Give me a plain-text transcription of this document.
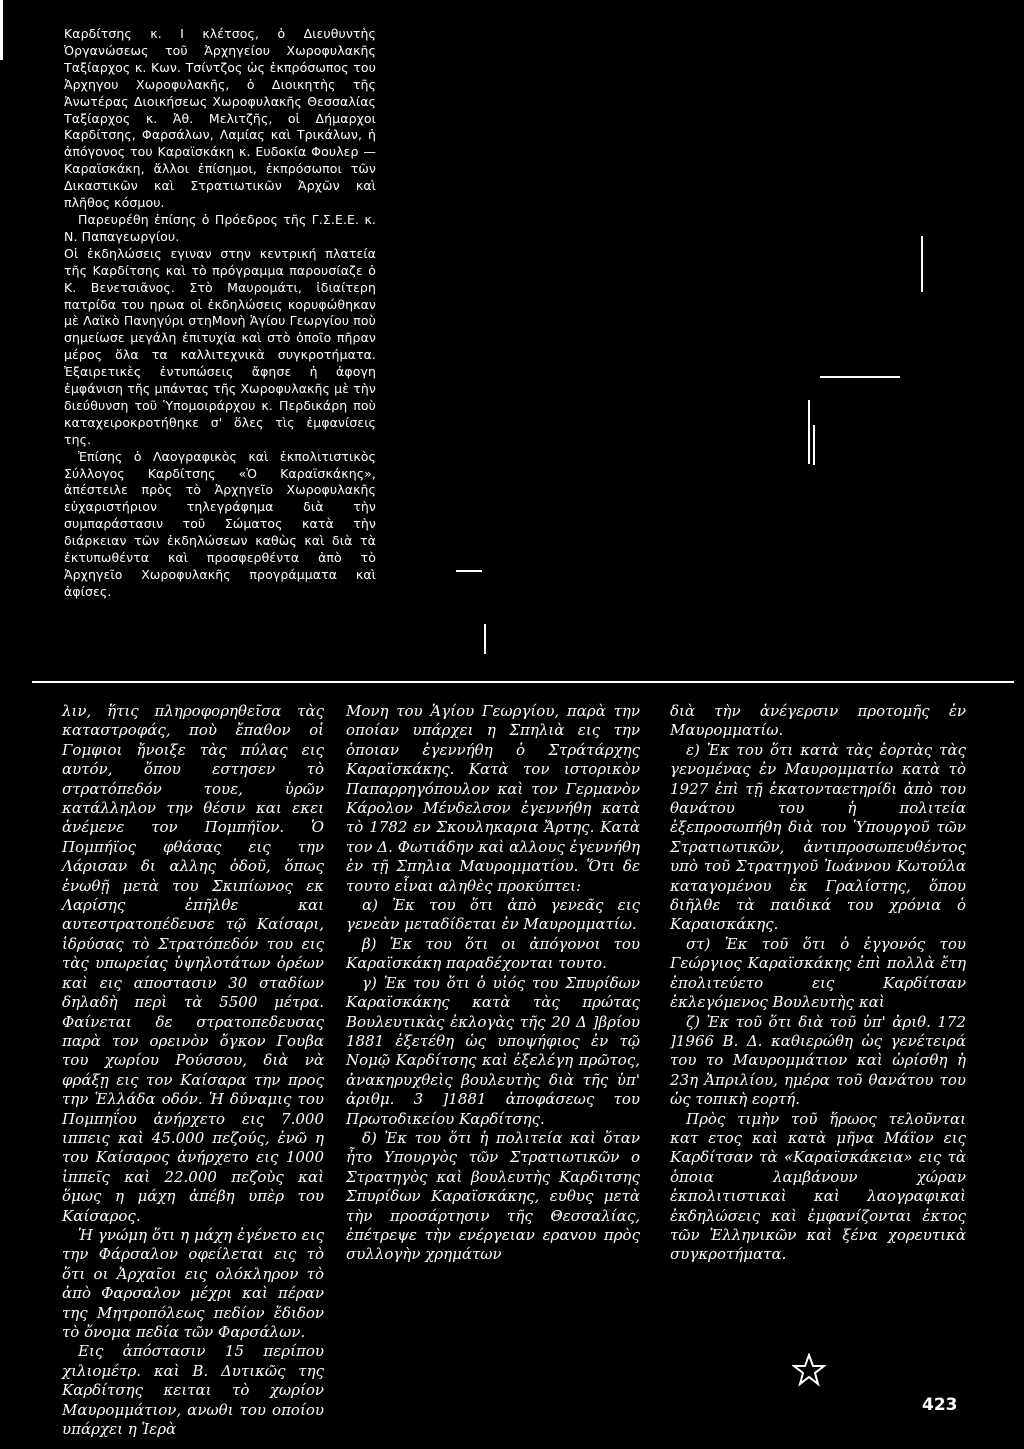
Καρδίτσης κ. Ι κλέτσος, ὁ Διευθυντὴς Ὀργανώσεως τοῦ Ἀρχηγείου Χωροφυλακῆς Ταξίαρχος κ. Κων. Τσίντζος ὡς ἐκπρόσωπος του Ἀρχηγου Χωροφυλακῆς, ὁ Διοικητὴς τῆς Ἀνωτέρας Διοικήσεως Χωροφυλακῆς Θεσσαλίας Ταξίαρχος κ. Ἀθ. Μελιτζῆς, οἱ Δήμαρχοι Καρδίτσης, Φαρσάλων, Λαμίας καὶ Τρικάλων, ἡ ἀπόγονος του Καραϊσκάκη κ. Ευδοκία Φουλερ —Καραϊσκάκη, ἄλλοι ἐπίσημοι, ἐκπρόσωποι τῶν Δικαστικῶν καὶ Στρατιωτικῶν Ἀρχῶν καὶ πλῆθος κόσμου.

Παρευρέθη ἐπίσης ὁ Πρόεδρος τῆς Γ.Σ.Ε.Ε. κ. Ν. Παπαγεωργίου.

Οἱ ἐκδηλώσεις εγιναν στην κεντρική πλατεία τῆς Καρδίτσης καὶ τὸ πρόγραμμα παρουσίαζε ὁ Κ. Βενετσιᾶνος. Στὸ Μαυρομάτι, ἰδιαίτερη πατρίδα του ηρωα οἱ ἐκδηλώσεις κορυφώθηκαν μὲ Λαϊκὸ Πανηγύρι στηΜονὴ Ἁγίου Γεωργίου ποὺ σημείωσε μεγάλη ἐπιτυχία καὶ στὸ ὁποῖο πῆραν μέρος ὅλα τα καλλιτεχνικὰ συγκροτήματα. Ἐξαιρετικὲς ἐντυπώσεις ἄφησε ἡ ἀφογη ἐμφάνιση τῆς μπάντας τῆς Χωροφυλακῆς μὲ τὴν διεύθυνση τοῦ Ὑπομοιράρχου κ. Περδικάρη ποὺ καταχειροκροτήθηκε σ' ὅλες τὶς ἐμφανίσεις της.

Ἐπίσης ὁ Λαογραφικὸς καὶ ἐκπολιτιστικὸς Σύλλογος Καρδίτσης «Ὁ Καραϊσκάκης», ἀπέστειλε πρὸς τὸ Ἀρχηγεῖο Χωροφυλακῆς εὐχαριστήριον τηλεγράφημα διὰ τὴν συμπαράστασιν τοῦ Σώματος κατὰ τὴν διάρκειαν τῶν ἐκδηλώσεων καθὼς καὶ διὰ τὰ ἐκτυπωθέντα καὶ προσφερθέντα ἀπὸ τὸ Ἀρχηγεῖο Χωροφυλακῆς προγράμματα καὶ ἀφίσες.

λιν, ἥτις πληροφορηθεῖσα τὰς καταστροφάς, ποὺ ἔπαθον οἱ Γομφιοι ἤνοιξε τὰς πύλας εις αυτόν, ὅπου εστησεν τὸ στρατόπεδόν τουε, ὑρῶν κατάλληλον την θέσιν και εκει ἀνέμενε τον Πομπήϊον. Ὁ Πομπήϊος φθάσας εις την Λάρισαν δι αλλης ὁδοῦ, ὅπως ἑνωθῇ μετὰ του Σκιπίωνος εκ Λαρίσης ἐπῆλθε και αυτεστρατοπέδευσε τῷ Καίσαρι, ἱδρύσας τὸ Στρατόπεδόν του εις τὰς υπωρείας ὑψηλοτάτων ὀρέων καὶ εις αποστασιν 30 σταδίων δηλαδὴ περὶ τὰ 5500 μέτρα. Φαίνεται δε στρατοπεδευσας παρὰ τον ορεινὸν ὄγκον Γουβα του χωρίου Ρούσσου, διὰ νὰ φράξῃ εις τον Καίσαρα την προς την Ἑλλάδα οδόν. Ἡ δύναμις του Πομπηΐου ἀνήρχετο εις 7.000 ιππεις καὶ 45.000 πεζούς, ἐνῶ η του Καίσαρος ἀνήρχετο εις 1000 ἱππεῖς καὶ 22.000 πεζοὺς καὶ ὅμως η μάχη ἀπέβη υπὲρ του Καίσαρος.

Ἡ γνώμη ὅτι η μάχη ἐγένετο εις την Φάρσαλον οφείλεται εις τὸ ὅτι οι Ἀρχαῖοι εις ολόκληρον τὸ ἀπὸ Φαρσαλον μέχρι καὶ πέραν της Μητροπόλεως πεδίον ἔδιδον τὸ ὄνομα πεδία τῶν Φαρσάλων.

Εις ἀπόστασιν 15 περίπου χιλιομέτρ. καὶ Β. Δυτικῶς της Καρδίτσης κειται τὸ χωρίον Μαυρομμάτιον, ανωθι του οποίου υπάρχει η Ἱερὰ

Μονη του Ἁγίου Γεωργίου, παρὰ την οποίαν υπάρχει η Σπηλιὰ εις την ὁποιαν ἐγεννήθη ὁ Στράτάρχης Καραϊσκάκης. Κατὰ τον ιστορικὸν Παπαρρηγόπουλον καὶ τον Γερμανὸν Κάρολον Μένδελσον ἐγεννήθη κατὰ τὸ 1782 εν Σκουληκαρια Ἄρτης. Κατὰ τον Δ. Φωτιάδην καὶ αλλους ἐγεννήθη ἐν τῇ Σπηλια Μαυρομματίου. Ὅτι δε τουτο εἶναι αληθὲς προκύπτει:

α) Ἐκ του ὅτι ἀπὸ γενεᾶς εις γενεὰν μεταδίδεται ἐν Μαυρομματίω.

β) Ἐκ του ὅτι οι ἀπόγονοι του Καραϊσκάκη παραδέχονται τουτο.

γ) Ἐκ του ὅτι ὁ υἱός του Σπυρίδων Καραϊσκάκης κατὰ τὰς πρώτας Βουλευτικὰς ἐκλογὰς τῆς 20 Δ ]βρίου 1881 ἐξετέθη ὡς υποψήφιος ἐν τῷ Νομῷ Καρδίτσης καὶ ἐξελέγη πρῶτος, ἀνακηρυχθεὶς βουλευτὴς διὰ τῆς ὑπ' ἀριθμ. 3 ]1881 ἀποφάσεως του Πρωτοδικείου Καρδίτσης.

δ) Ἐκ του ὅτι ἡ πολιτεία καὶ ὅταν ἦτο Υπουργὸς τῶν Στρατιωτικῶν ο Στρατηγὸς καὶ βουλευτὴς Καρδιτσης Σπυρίδων Καραϊσκάκης, ευθυς μετὰ τὴν προσάρτησιν τῆς Θεσσαλίας, ἐπέτρεψε τὴν ενέργειαν εραvου πρὸς συλλογὴν χρημάτων

διὰ τὴν ἀνέγερσιν προτομῆς ἐν Μαυρομματίω.

ε) Ἐκ του ὅτι κατὰ τὰς ἑορτὰς τὰς γενομένας ἐν Μαυρομματίω κατὰ τὸ 1927 ἐπὶ τῇ ἑκατονταετηρίδι ἀπὸ του θανάτου του ἡ πολιτεία ἐξεπροσωπήθη διὰ του Ὑπουργοῦ τῶν Στρατιωτικῶν, ἀντιπροσωπευθέντος υπὸ τοῦ Στρατηγοῦ Ἰωάννου Κωτούλα καταγομένου ἐκ Γραλίστης, ὅπου διῆλθε τὰ παιδικά του χρόνια ὁ Καραισκάκης.

στ) Ἐκ τοῦ ὅτι ὁ ἐγγονός του Γεώργιος Καραϊσκάκης ἐπὶ πολλὰ ἔτη ἐπολιτεύετο εις Καρδίτσαν ἐκλεγόμενος Βουλευτὴς καὶ

ζ) Ἐκ τοῦ ὅτι διὰ τοῦ ὑπ' ἀριθ. 172 ]1966 Β. Δ. καθιερώθη ὡς γενέτειρά του το Μαυρομμάτιον καὶ ὡρίσθη ἡ 23η Ἀπριλίου, ημέρα τοῦ θανάτου του ὡς τοπικὴ εορτή.

Πρὸς τιμὴν τοῦ ἥρωος τελοῦνται κατ ετος καὶ κατὰ μῆνα Μάϊον εις Καρδίτσαν τὰ «Καραϊσκάκεια» εις τὰ ὁποια λαμβάνουν χώραν ἐκπολιτιστικαὶ καὶ λαογραφικαὶ ἐκδηλώσεις καὶ ἐμφανίζονται ἐκτος τῶν Ἑλληνικῶν καὶ ξένα χορευτικὰ συγκροτήματα.

423
